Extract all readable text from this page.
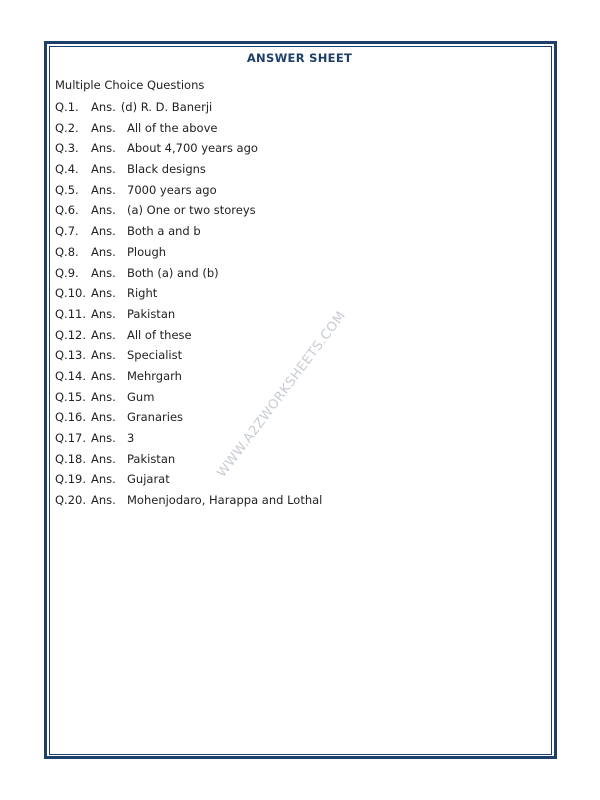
ANSWER SHEET
Multiple Choice Questions
Q.1.	Ans. (d) R. D. Banerji
Q.2.	Ans. All of the above
Q.3.	Ans. About 4,700 years ago
Q.4.	Ans. Black designs
Q.5.	Ans. 7000 years ago
Q.6.	Ans. (a) One or two storeys
Q.7.	Ans. Both a and b
Q.8.	Ans. Plough
Q.9.	Ans. Both (a) and (b)
Q.10. Ans. Right
Q.11. Ans. Pakistan
Q.12. Ans. All of these
Q.13. Ans. Specialist
Q.14. Ans. Mehrgarh
Q.15. Ans. Gum
Q.16. Ans. Granaries
Q.17. Ans. 3
Q.18. Ans. Pakistan
Q.19. Ans. Gujarat
Q.20. Ans. Mohenjodaro, Harappa and Lothal
WWW.A2ZWORKSHEETS.COM
